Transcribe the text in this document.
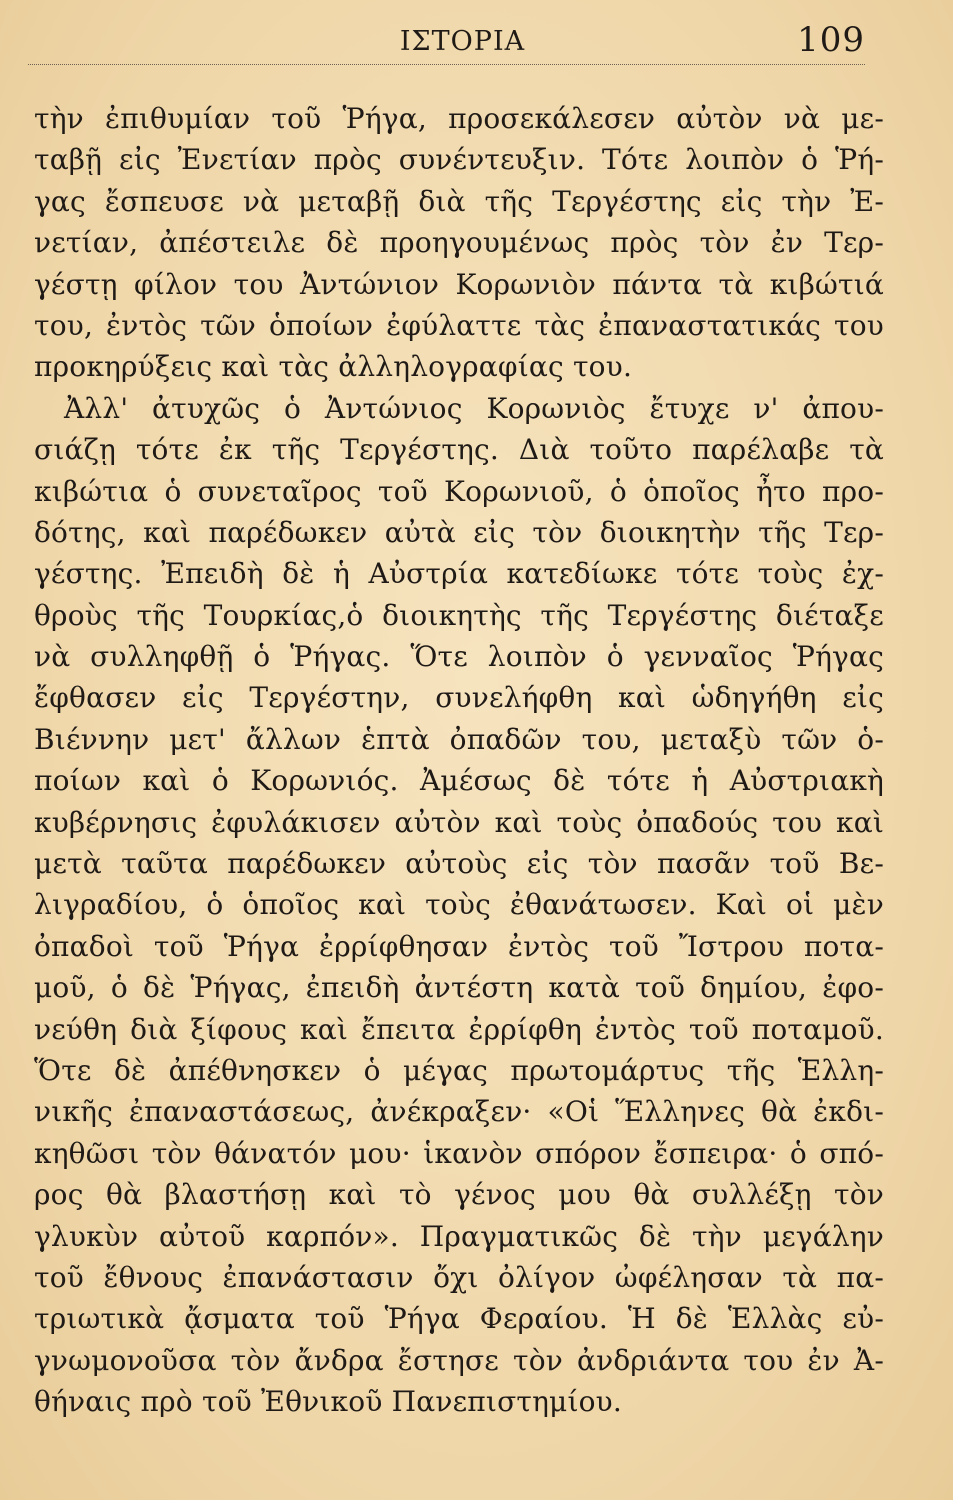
ΙΣΤΟΡΙΑ	109
τὴν ἐπιθυμίαν τοῦ Ῥήγα, προσεκάλεσεν αὐτὸν νὰ με-
ταβῇ εἰς Ἐνετίαν πρὸς συνέντευξιν. Τότε λοιπὸν ὁ Ῥή-
γας ἔσπευσε νὰ μεταβῇ διὰ τῆς Τεργέστης εἰς τὴν Ἐ-
νετίαν, ἀπέστειλε δὲ προηγουμένως πρὸς τὸν ἐν Τερ-
γέστῃ φίλον του Ἀντώνιον Κορωνιὸν πάντα τὰ κιβώτιά
του, ἐντὸς τῶν ὁποίων ἐφύλαττε τὰς ἐπαναστατικάς του
προκηρύξεις καὶ τὰς ἀλληλογραφίας του.
Ἀλλ' ἀτυχῶς ὁ Ἀντώνιος Κορωνιὸς ἔτυχε ν' ἀπου-
σιάζῃ τότε ἐκ τῆς Τεργέστης. Διὰ τοῦτο παρέλαβε τὰ
κιβώτια ὁ συνεταῖρος τοῦ Κορωνιοῦ, ὁ ὁποῖος ἦτο προ-
δότης, καὶ παρέδωκεν αὐτὰ εἰς τὸν διοικητὴν τῆς Τερ-
γέστης. Ἐπειδὴ δὲ ἡ Αὐστρία κατεδίωκε τότε τοὺς ἐχ-
θροὺς τῆς Τουρκίας,ὁ διοικητὴς τῆς Τεργέστης διέταξε
νὰ συλληφθῇ ὁ Ῥήγας. Ὅτε λοιπὸν ὁ γενναῖος Ῥήγας
ἔφθασεν εἰς Τεργέστην, συνελήφθη καὶ ὡδηγήθη εἰς
Βιέννην μετ' ἄλλων ἑπτὰ ὀπαδῶν του, μεταξὺ τῶν ὁ-
ποίων καὶ ὁ Κορωνιός. Ἀμέσως δὲ τότε ἡ Αὐστριακὴ
κυβέρνησις ἐφυλάκισεν αὐτὸν καὶ τοὺς ὀπαδούς του καὶ
μετὰ ταῦτα παρέδωκεν αὐτοὺς εἰς τὸν πασᾶν τοῦ Βε-
λιγραδίου, ὁ ὁποῖος καὶ τοὺς ἐθανάτωσεν. Καὶ οἱ μὲν
ὀπαδοὶ τοῦ Ῥήγα ἐρρίφθησαν ἐντὸς τοῦ Ἴστρου ποτα-
μοῦ, ὁ δὲ Ῥήγας, ἐπειδὴ ἀντέστη κατὰ τοῦ δημίου, ἐφο-
νεύθη διὰ ξίφους καὶ ἔπειτα ἐρρίφθη ἐντὸς τοῦ ποταμοῦ.
Ὅτε δὲ ἀπέθνησκεν ὁ μέγας πρωτομάρτυς τῆς Ἑλλη-
νικῆς ἐπαναστάσεως, ἀνέκραξεν· «Οἱ Ἕλληνες θὰ ἐκδι-
κηθῶσι τὸν θάνατόν μου· ἱκανὸν σπόρον ἔσπειρα· ὁ σπό-
ρος θὰ βλαστήσῃ καὶ τὸ γένος μου θὰ συλλέξῃ τὸν
γλυκὺν αὐτοῦ καρπόν». Πραγματικῶς δὲ τὴν μεγάλην
τοῦ ἔθνους ἐπανάστασιν ὄχι ὀλίγον ὠφέλησαν τὰ πα-
τριωτικὰ ᾄσματα τοῦ Ῥήγα Φεραίου. Ἡ δὲ Ἑλλὰς εὐ-
γνωμονοῦσα τὸν ἄνδρα ἔστησε τὸν ἀνδριάντα του ἐν Ἀ-
θήναις πρὸ τοῦ Ἐθνικοῦ Πανεπιστημίου.
